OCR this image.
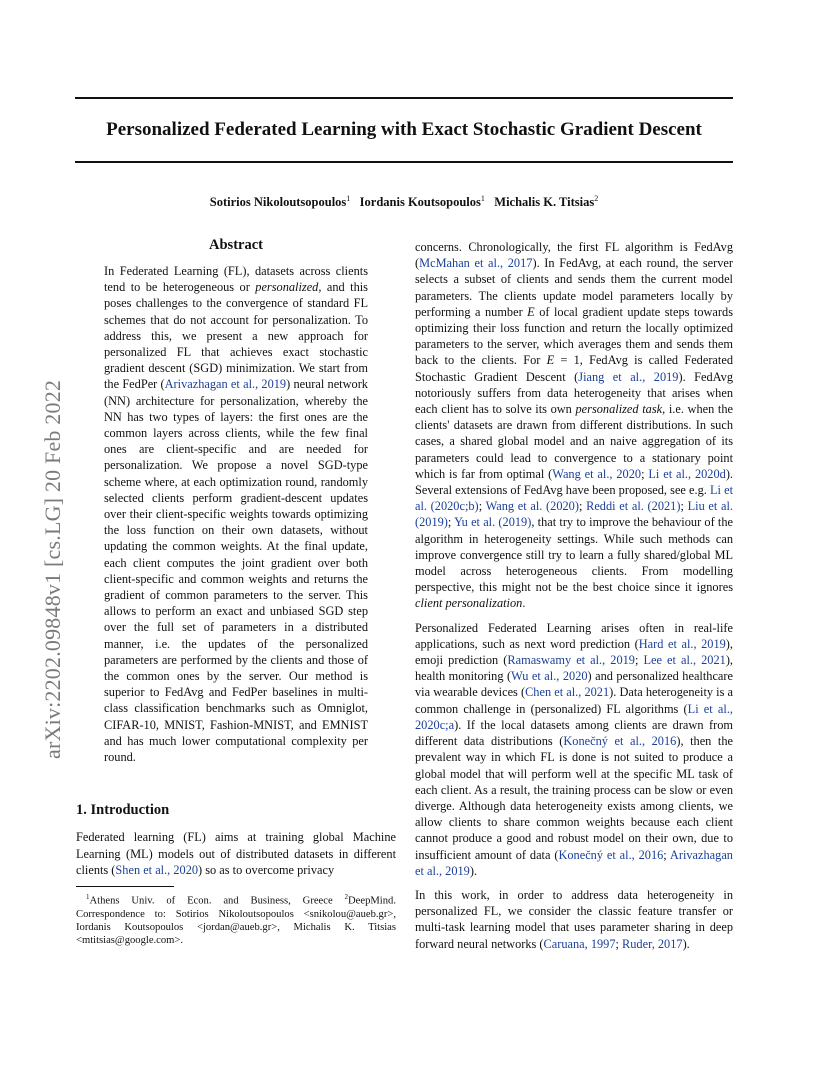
Personalized Federated Learning with Exact Stochastic Gradient Descent
Sotirios Nikoloutsopoulos$^1$ Iordanis Koutsopoulos$^1$ Michalis K. Titsias$^2$
arXiv:2202.09848v1 [cs.LG] 20 Feb 2022
Abstract

In Federated Learning (FL), datasets across clients tend to be heterogeneous or personalized, and this poses challenges to the convergence of standard FL schemes that do not account for personalization. To address this, we present a new approach for personalized FL that achieves exact stochastic gradient descent (SGD) minimization. We start from the FedPer (Arivazhagan et al., 2019) neural network (NN) architecture for personalization, whereby the NN has two types of layers: the first ones are the common layers across clients, while the few final ones are client-specific and are needed for personalization. We propose a novel SGD-type scheme where, at each optimization round, randomly selected clients perform gradient-descent updates over their client-specific weights towards optimizing the loss function on their own datasets, without updating the common weights. At the final update, each client computes the joint gradient over both client-specific and common weights and returns the gradient of common parameters to the server. This allows to perform an exact and unbiased SGD step over the full set of parameters in a distributed manner, i.e. the updates of the personalized parameters are performed by the clients and those of the common ones by the server. Our method is superior to FedAvg and FedPer baselines in multi-class classification benchmarks such as Omniglot, CIFAR-10, MNIST, Fashion-MNIST, and EMNIST and has much lower computational complexity per round.

1. Introduction

Federated learning (FL) aims at training global Machine Learning (ML) models out of distributed datasets in different clients (Shen et al., 2020) so as to overcome privacy

$^1$Athens Univ. of Econ. and Business, Greece $^2$DeepMind. Correspondence to: Sotirios Nikoloutsopoulos <snikolou@aueb.gr>, Iordanis Koutsopoulos <jordan@aueb.gr>, Michalis K. Titsias <mtitsias@google.com>.

concerns. Chronologically, the first FL algorithm is FedAvg (McMahan et al., 2017). In FedAvg, at each round, the server selects a subset of clients and sends them the current model parameters. The clients update model parameters locally by performing a number E of local gradient update steps towards optimizing their loss function and return the locally optimized parameters to the server, which averages them and sends them back to the clients. For E = 1, FedAvg is called Federated Stochastic Gradient Descent (Jiang et al., 2019). FedAvg notoriously suffers from data heterogeneity that arises when each client has to solve its own personalized task, i.e. when the clients' datasets are drawn from different distributions. In such cases, a shared global model and an naive aggregation of its parameters could lead to convergence to a stationary point which is far from optimal (Wang et al., 2020; Li et al., 2020d). Several extensions of FedAvg have been proposed, see e.g. Li et al. (2020c;b); Wang et al. (2020); Reddi et al. (2021); Liu et al. (2019); Yu et al. (2019), that try to improve the behaviour of the algorithm in heterogeneity settings. While such methods can improve convergence still try to learn a fully shared/global ML model across heterogeneous clients. From modelling perspective, this might not be the best choice since it ignores client personalization.

Personalized Federated Learning arises often in real-life applications, such as next word prediction (Hard et al., 2019), emoji prediction (Ramaswamy et al., 2019; Lee et al., 2021), health monitoring (Wu et al., 2020) and personalized healthcare via wearable devices (Chen et al., 2021). Data heterogeneity is a common challenge in (personalized) FL algorithms (Li et al., 2020c;a). If the local datasets among clients are drawn from different data distributions (Konečný et al., 2016), then the prevalent way in which FL is done is not suited to produce a global model that will perform well at the specific ML task of each client. As a result, the training process can be slow or even diverge. Although data heterogeneity exists among clients, we allow clients to share common weights because each client cannot produce a good and robust model on their own, due to insufficient amount of data (Konečný et al., 2016; Arivazhagan et al., 2019).

In this work, in order to address data heterogeneity in personalized FL, we consider the classic feature transfer or multi-task learning model that uses parameter sharing in deep forward neural networks (Caruana, 1997; Ruder, 2017).
